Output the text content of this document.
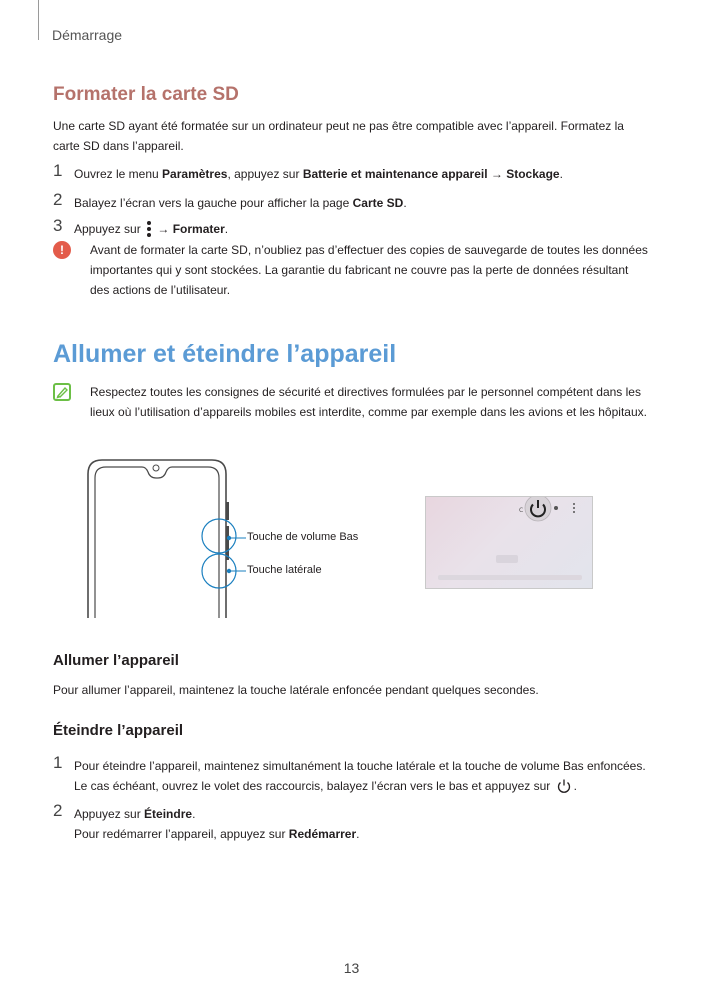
Démarrage
Formater la carte SD

Une carte SD ayant été formatée sur un ordinateur peut ne pas être compatible avec l’appareil. Formatez la carte SD dans l’appareil.

1 Ouvrez le menu Paramètres, appuyez sur Batterie et maintenance appareil → Stockage.
2 Balayez l’écran vers la gauche pour afficher la page Carte SD.
3 Appuyez sur
→ Formater.
!	Avant de formater la carte SD, n’oubliez pas d’effectuer des copies de sauvegarde de toutes les données importantes qui y sont stockées. La garantie du fabricant ne couvre pas la perte de données résultant des actions de l’utilisateur.

Allumer et éteindre l’appareil

Respectez toutes les consignes de sécurité et directives formulées par le personnel compétent dans les lieux où l’utilisation d’appareils mobiles est interdite, comme par exemple dans les avions et les hôpitaux.

Touche de volume Bas
Touche latérale
C
Allumer l’appareil

Pour allumer l’appareil, maintenez la touche latérale enfoncée pendant quelques secondes.

Éteindre l’appareil
1 Pour éteindre l’appareil, maintenez simultanément la touche latérale et la touche de volume Bas enfoncées. Le cas échéant, ouvrez le volet des raccourcis, balayez l’écran vers le bas et appuyez sur .
2 Appuyez sur Éteindre.
Pour redémarrer l’appareil, appuyez sur Redémarrer.
13
